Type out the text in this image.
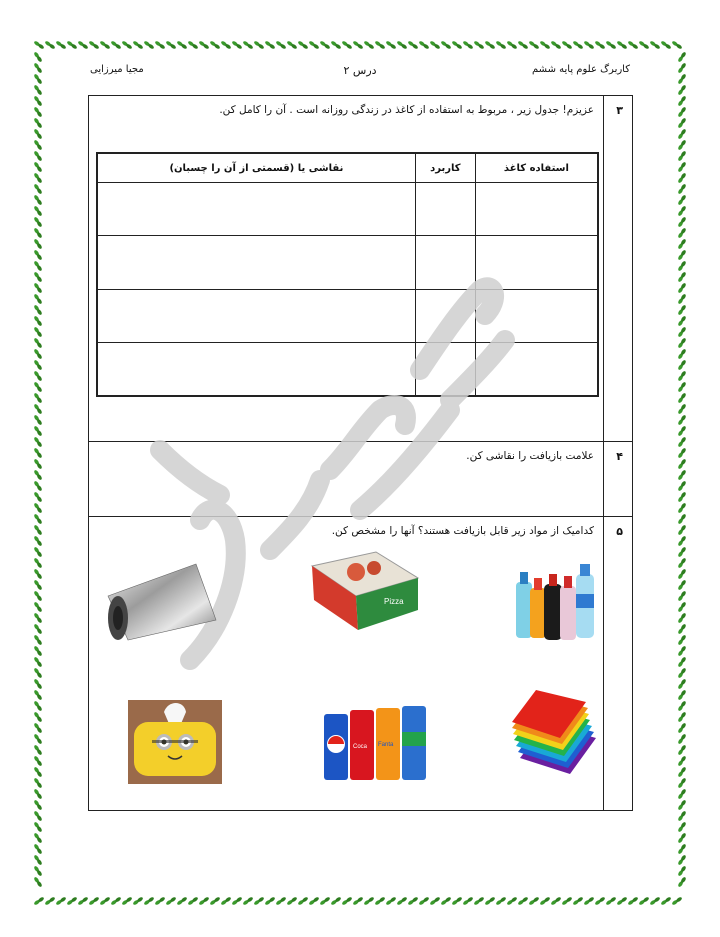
کاربرگ علوم پایه ششم
درس ۲
مجیا میرزایی
۳
عزیزم! جدول زیر ، مربوط به استفاده از کاغذ در زندگی روزانه است . آن را کامل کن.
۴
علامت بازیافت را نقاشی کن.
۵
کدامیک از مواد زیر قابل بازیافت هستند؟ آنها را مشخص کن.
استفاده کاغذ	کاربرد	نقاشی یا (قسمتی از آن را چسبان)

Pizza
Coca Fanta
